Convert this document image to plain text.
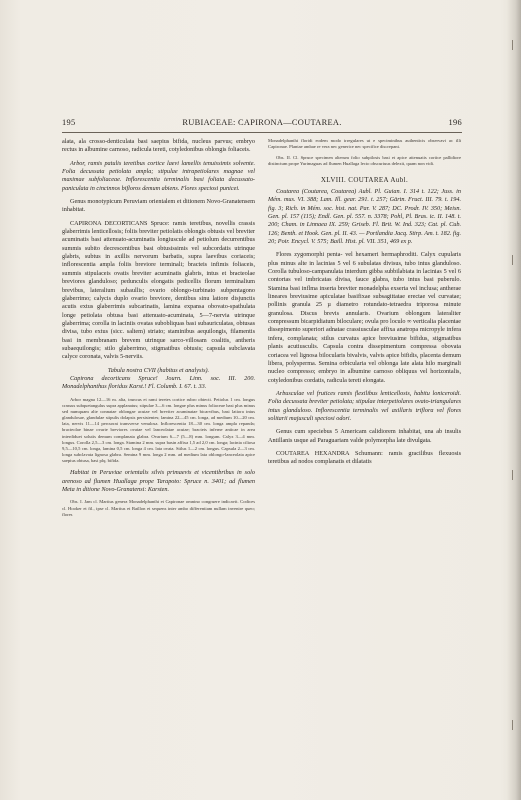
195	RUBIACEAE: CAPIRONA—COUTAREA.	196

alata, ala crosso-denticulata basi saepius bifida, nucleus parvus; embryo rectus in albumine carnoso, radicula tereti, cotyledonibus oblongis foliaceis.

Arbor, ramis patulis teretibus cortice laevi lamellis tenuissimis solvente. Folia decussata petiolata ampla; stipulae intrapetiolares magnae vel maximae subfoliaceae. Inflorescentia terminalis basi foliata decussato-paniculata in cincinnos bifloros demum abiens. Flores speciosi punicei.

Genus monotypicum Peruviam orientalem et ditionem Novo-Granatensem inhabitat.

CAPIRONA DECORTICANS Spruce: ramis teretibus, novellis crassis glaberrimis lenticellosis; foliis breviter petiolatis oblongis obtusis vel breviter acuminatis basi attenuato-acuminatis longiuscule ad petiolum decurrentibus summis subito decrescentibus basi obtusissimis vel subcordatis utrinque glabris, subtus in axillis nervorum barbatis, supra laevibus coriaceis; inflorescentia ampla foliis breviore terminali; bracteis infimis foliaceis, summis stipulaceis ovatis breviter acuminatis glabris, intus et bracteolae breviores glanduloso; pedunculis elongatis pedicellis florum terminalium brevibus, lateralium subaullis; ovario oblongo-turbinato subpentagono glaberrimo; calycis duplo ovario breviore, dentibus sinu latiore disjunctis acutis extus glaberrimis subcarinatis, lamina expansa obovato-spathulata longe petiolata obtusa basi attenuato-acuminata, 5—7-nervia utrinque glaberrima; corolla in laciniis ovatas subobliquas basi subauriculatas, obtusas divisa, tubo extus (sicc. saltem) striato; staminibus aequilongis, filamentis basi in membranam brevem utrinque sarco-villosam coalitis, antheris subaequilongis; stilo glaberrimo, stigmatibus obtusis; capsula subclavata calyce coronata, valvis 5-nerviis.

Tabula nostra CVII (habitus et analysis).

Capirona decorticans Spruce! Journ. Linn. soc. III. 200. Monadelphanthus floridus Karst.! Fl. Columb. I. 67. t. 33.

Arbor magna 12—16 m. alta, truncus et rami teretes cortice rubro obtecti. Petiolus 1 cm. longus crassus subquetangulus supra applanatus; stipulae 3—6 cm. longae plus minus foliaceae basi plus minus sed numquam alte connatae oblongae acutae vel breviter acuminatae bicarvibus, basi latiora intus glandulosae, glandulae stipulis dolapsis persistentes; lamina 22—45 cm. longa, ad medium 10—20 cm. lata, nervis 11—14 percurrat transverse venulosa. Inflorescentia 18—30 cm. longa ampla repanda; bracteolae binae ovarie breviores ovatae vel lanceolatae acutae; bracteis inferne anticae in area interdiduet solutis demum complanata glabra. Ovarium 6—7 (5—8) mm. longum. Calyx 3—4 mm. longus. Corolla 2,5—3 cm. longa. Stamina 2 mm. supra basin affixa 1,5 ad 2,0 cm. longa; lacinia ciliosa 9,5—10,5 cm. longa, lamina 0,5 cm. longa 4 cm. lata ovata. Stilus 1—2 cm. longus. Capsula 2—3 cm. longa subclavata lignosa glabra. Semina 9 mm. longa 2 mm. ad medium lata oblongo-lanceolata apice saepius obtusa, basi plq. bifida.

Habitat in Peruviae orientalis silvis primaevis et vicentibribus in solo arenoso ad flumen Huallaga prope Tarapoto: Spruce n. 3401; ad flumen Meta in ditione Novo-Granatensi: Karsten.

Obs. I. Jam cl. Martius genera Monadelphanthi et Capironae omnino congruere indicavit. Codices cl. Hooker et fil., ipse cl. Martius et Baillon et sequens inter ambo differentiam nullam invenire queo; flores

Monadelphanthi floridi eodem modo irregulares ut e speciminibus authenticis observavi ac illi Capironae. Plantae ambae re vera nec generice nec specifice discrepant.

Obs. II. Cl. Spruce specimen alterum folio subpilosis basi et apice attenuatis cortice pallidiore distinctum prope Yurimaguas ad flumen Huallaga lecto obscuriuus delexit, quam non vidi.

XLVIII. COUTAREA Aubl.

Coutarea (Coutarea, Coutarea) Aubl. Pl. Guian. I. 314 t. 122; Juss. in Mém. mus. VI. 388; Lam. Ill. gear. 291. t. 257; Gärtn. Fruct. III. 79. t. 194. fig. 3; Rich. in Mém. soc. hist. nat. Par. V. 287; DC. Prodr. IV. 350; Meisn. Gen. pl. 157 (115); Endl. Gen. pl. 557. n. 3378; Pohl, Pl. Bras. ic. II. 148. t. 200; Cham. in Linnaea IX. 259; Griseb. Fl. Brit. W. Ind. 323; Cat. pl. Cub. 126; Benth. et Hook. Gen. pl. II. 43. — Portlandia Jacq. Stirp. Am. t. 182. fig. 20; Poir. Encycl. V. 575; Baill. Hist. pl. VII. 351, 469 ex p.

Flores zygomorphi penta- vel hexameri hermaphroditi. Calyx cupularis plus minus alte in lacinias 5 vel 6 subulatas divisus, tubo intus glanduloso. Corolla tubuloso-campanulata interdum gibba subbilabiata in lacinias 5 vel 6 contortas vel imbricatas divisa, fauce glabra, tubo intus basi puberulo. Stamina basi inflma inserta breviter monadelpha exserta vel inclusa; antherae lineares breviusime apiculatae basifixae subsagittatae erectae vel curvatae; pollinis granula 25 µ diametro rotundato-tetraedra triporosa minute granulosa. Discus brevis annularis. Ovarium oblongum lateraliter compressum bicarpidiatum biloculare; ovula pro loculo ∞ verticalia placentae dissepimento superiori adnatae crassiusculae affixa anatropa micropyle infera infera, complanata; stilus curvatus apice breviusime bifidus, stigmatibus planis acutiusculis. Capsula contra dissepimentum compressa obovata coriacea vel lignosa bilocularis bivalvis, valvis apice bifidis, placenta demum libera, polysperma. Semina orbicularia vel oblonga late alata hilo marginali nucleo compresso; embryo in albumine carnoso obliquus vel horizontalis, cotyledonibus cordatis, radicula tereti elongata.

Arbusculae vel frutices ramis flexilibus lenticellosis, habitu loniceroidi. Folia decussata breviter petiolata; stipulae interpetiolares ovato-triangulares intus glanduloso. Inflorescentia terminalis vel axillaris triflora vel flores solitarii majusculi speciosi odori.

Genus cum speciebus 5 Americam calidiorem inhabitat, una ab insulis Antillanis usque ad Paraguariam valde polymorpha late divulgata.

COUTAREA HEXANDRA Schumann: ramis gracilibus flexuosis teretibus ad nodos complanatis et dilatatis
